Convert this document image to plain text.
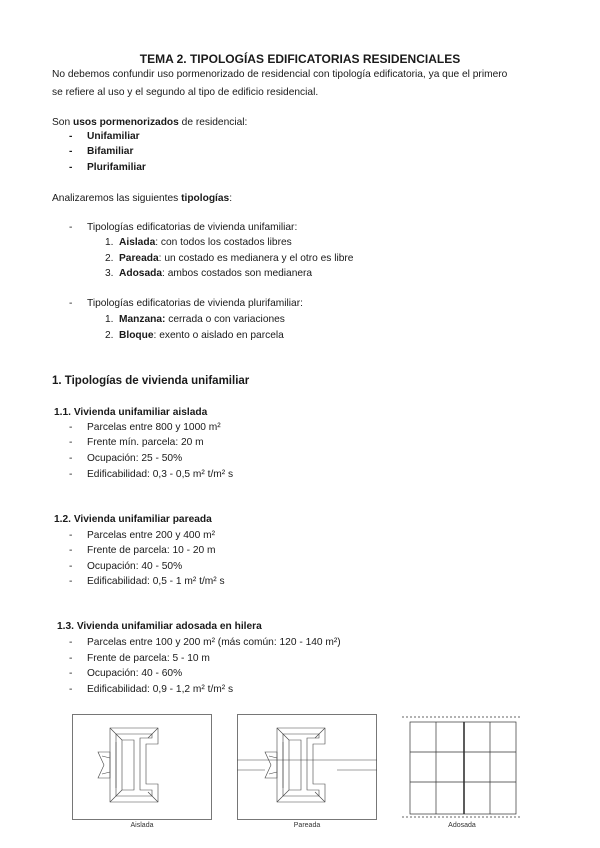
TEMA 2. TIPOLOGÍAS EDIFICATORIAS RESIDENCIALES
No debemos confundir uso pormenorizado de residencial con tipología edificatoria, ya que el primero
se refiere al uso y el segundo al tipo de edificio residencial.
Son usos pormenorizados de residencial:
- Unifamiliar
- Bifamiliar
- Plurifamiliar
Analizaremos las siguientes tipologías:
- Tipologías edificatorias de vivienda unifamiliar:
1. Aislada: con todos los costados libres
2. Pareada: un costado es medianera y el otro es libre
3. Adosada: ambos costados son medianera
- Tipologías edificatorias de vivienda plurifamiliar:
1. Manzana: cerrada o con variaciones
2. Bloque: exento o aislado en parcela
1. Tipologías de vivienda unifamiliar
1.1. Vivienda unifamiliar aislada
- Parcelas entre 800 y 1000 m²
- Frente mín. parcela: 20 m
- Ocupación: 25 - 50%
- Edificabilidad: 0,3 - 0,5 m² t/m² s
1.2. Vivienda unifamiliar pareada
- Parcelas entre 200 y 400 m²
- Frente de parcela: 10 - 20 m
- Ocupación: 40 - 50%
- Edificabilidad: 0,5 - 1 m² t/m² s
1.3. Vivienda unifamiliar adosada en hilera
- Parcelas entre 100 y 200 m² (más común: 120 - 140 m²)
- Frente de parcela: 5 - 10 m
- Ocupación: 40 - 60%
- Edificabilidad: 0,9 - 1,2 m² t/m² s
Aislada	Pareada	Adosada
